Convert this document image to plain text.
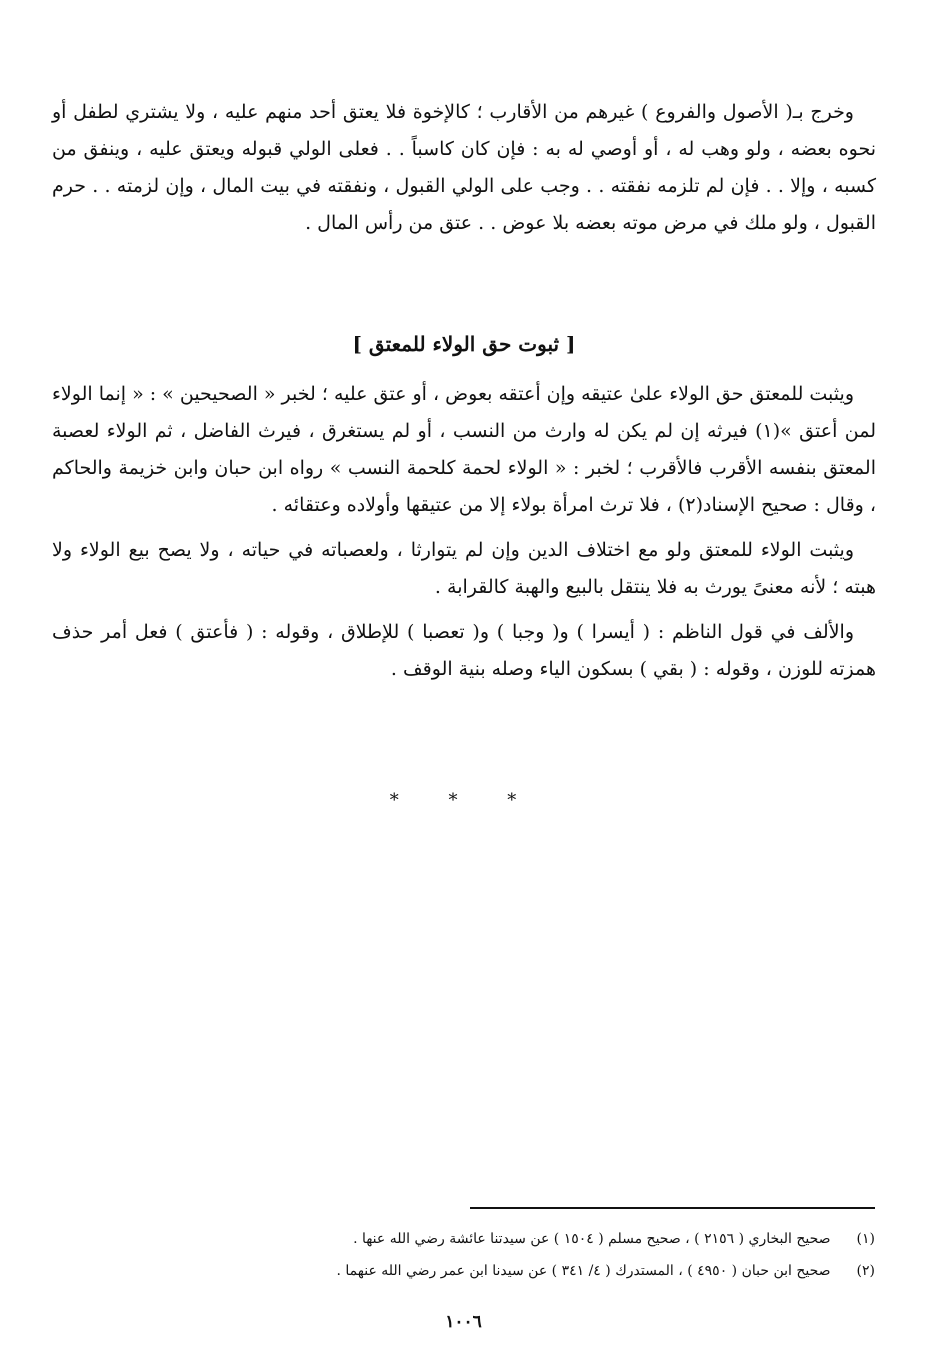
وخرج بـ( الأصول والفروع ) غيرهم من الأقارب ؛ كالإخوة فلا يعتق أحد منهم عليه ، ولا يشتري لطفل أو نحوه بعضه ، ولو وهب له ، أو أوصي له به : فإن كان كاسباً . . فعلى الولي قبوله ويعتق عليه ، وينفق من كسبه ، وإلا . . فإن لم تلزمه نفقته . . وجب على الولي القبول ، ونفقته في بيت المال ، وإن لزمته . . حرم القبول ، ولو ملك في مرض موته بعضه بلا عوض . . عتق من رأس المال .

[ ثبوت حق الولاء للمعتق ]

ويثبت للمعتق حق الولاء علىٰ عتيقه وإن أعتقه بعوض ، أو عتق عليه ؛ لخبر « الصحيحين » : « إنما الولاء لمن أعتق »(١) فيرثه إن لم يكن له وارث من النسب ، أو لم يستغرق ، فيرث الفاضل ، ثم الولاء لعصبة المعتق بنفسه الأقرب فالأقرب ؛ لخبر : « الولاء لحمة كلحمة النسب » رواه ابن حبان وابن خزيمة والحاكم ، وقال : صحيح الإسناد(٢) ، فلا ترث امرأة بولاء إلا من عتيقها وأولاده وعتقائه .

ويثبت الولاء للمعتق ولو مع اختلاف الدين وإن لم يتوارثا ، ولعصباته في حياته ، ولا يصح بيع الولاء ولا هبته ؛ لأنه معنىً يورث به فلا ينتقل بالبيع والهبة كالقرابة .

والألف في قول الناظم : ( أيسرا ) و( وجبا ) و( تعصبا ) للإطلاق ، وقوله : ( فأعتق ) فعل أمر حذف همزته للوزن ، وقوله : ( بقي ) بسكون الياء وصله بنية الوقف .

* * *
(١) صحيح البخاري ( ٢١٥٦ ) ، صحيح مسلم ( ١٥٠٤ ) عن سيدتنا عائشة رضي الله عنها .
(٢) صحيح ابن حبان ( ٤٩٥٠ ) ، المستدرك ( ٤/ ٣٤١ ) عن سيدنا ابن عمر رضي الله عنهما .
١٠٠٦
